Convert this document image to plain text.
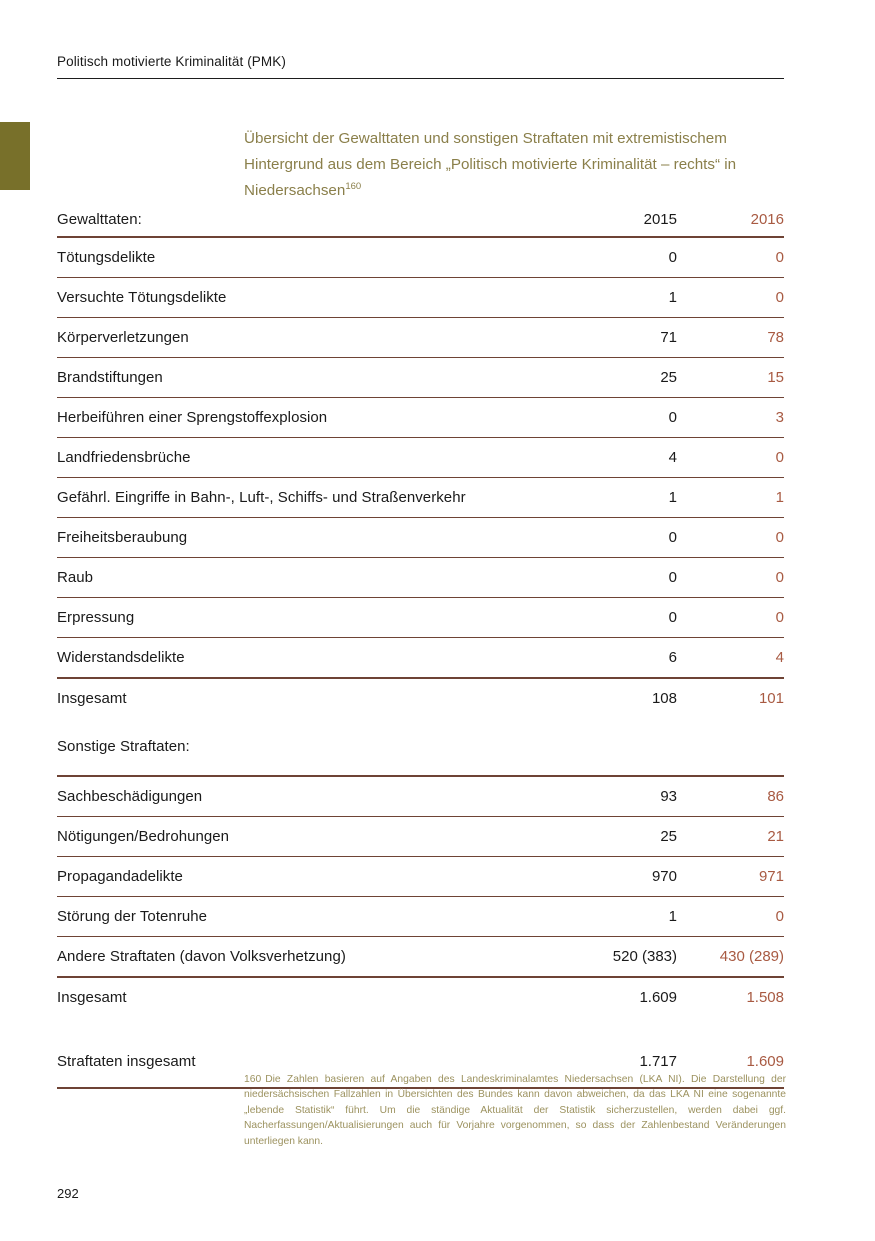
Politisch motivierte Kriminalität (PMK)
Übersicht der Gewalttaten und sonstigen Straftaten mit extremistischem Hintergrund aus dem Bereich „Politisch motivierte Kriminalität – rechts“ in Niedersachsen$^{160}$
Gewalttaten:	2015	2016
Tötungsdelikte	0	0
Versuchte Tötungsdelikte	1	0
Körperverletzungen	71	78
Brandstiftungen	25	15
Herbeiführen einer Sprengstoffexplosion	0	3
Landfriedensbrüche	4	0
Gefährl. Eingriffe in Bahn-, Luft-, Schiffs- und Straßenverkehr	1	1
Freiheitsberaubung	0	0
Raub	0	0
Erpressung	0	0
Widerstandsdelikte	6	4
Insgesamt	108	101
Sonstige Straftaten:		
Sachbeschädigungen	93	86
Nötigungen/Bedrohungen	25	21
Propagandadelikte	970	971
Störung der Totenruhe	1	0
Andere Straftaten (davon Volksverhetzung)	520 (383)	430 (289)
Insgesamt	1.609	1.508

Straftaten insgesamt	1.717	1.609
160 Die Zahlen basieren auf Angaben des Landeskriminalamtes Niedersachsen (LKA NI). Die Darstellung der niedersächsischen Fallzahlen in Übersichten des Bundes kann davon abweichen, da das LKA NI eine sogenannte „lebende Statistik“ führt. Um die ständige Aktualität der Statistik sicherzustellen, werden dabei ggf. Nacherfassungen/Aktualisierungen auch für Vorjahre vorgenommen, so dass der Zahlenbestand Veränderungen unterliegen kann.
292
